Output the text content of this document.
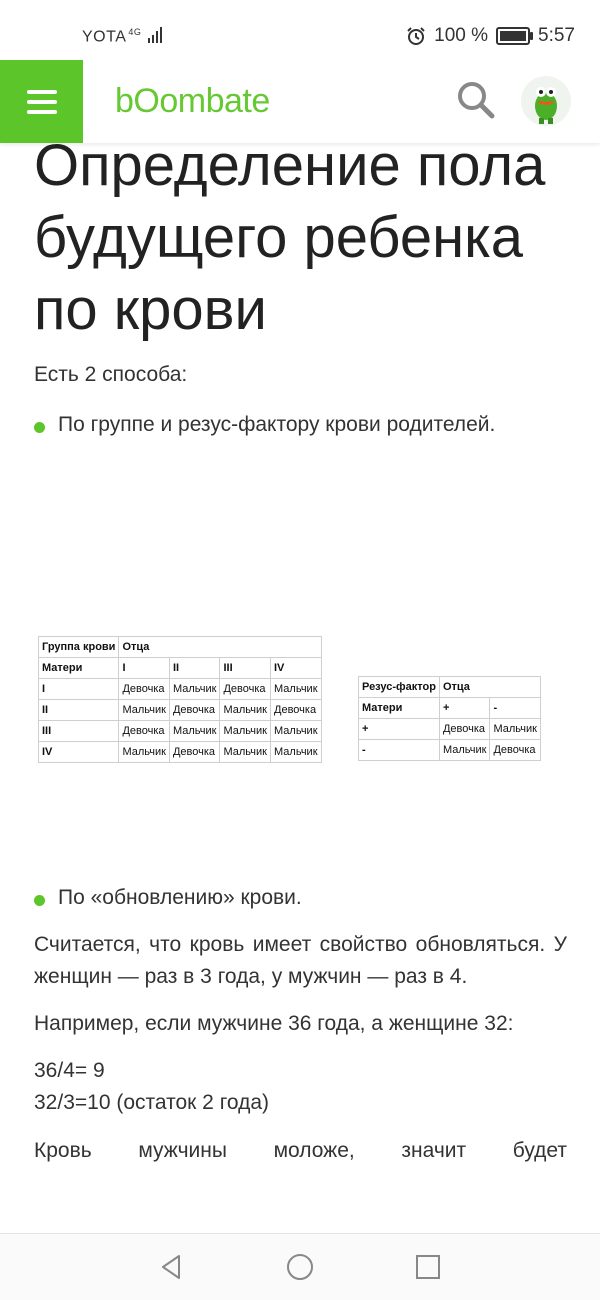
YOTA $^{4G}$	100 %	5:57
bOombate
Определение пола будущего ребенка по крови

Есть 2 способа:

По группе и резус-фактору крови родителей.
Группа крови	Отца			
Матери	I	II	III	IV
I	Девочка	Мальчик	Девочка	Мальчик
II	Мальчик	Девочка	Мальчик	Девочка
III	Девочка	Мальчик	Мальчик	Мальчик
IV	Мальчик	Девочка	Мальчик	Мальчик
Резус-фактор	Отца	
Матери	+	-
+	Девочка	Мальчик
-	Мальчик	Девочка
По «обновлению» крови.

Считается, что кровь имеет свойство обновляться. У женщин — раз в 3 года, у мужчин — раз в 4.

Например, если мужчине 36 года, а женщине 32:

36/4= 9

32/3=10 (остаток 2 года)

Кровь мужчины моложе, значит будет
